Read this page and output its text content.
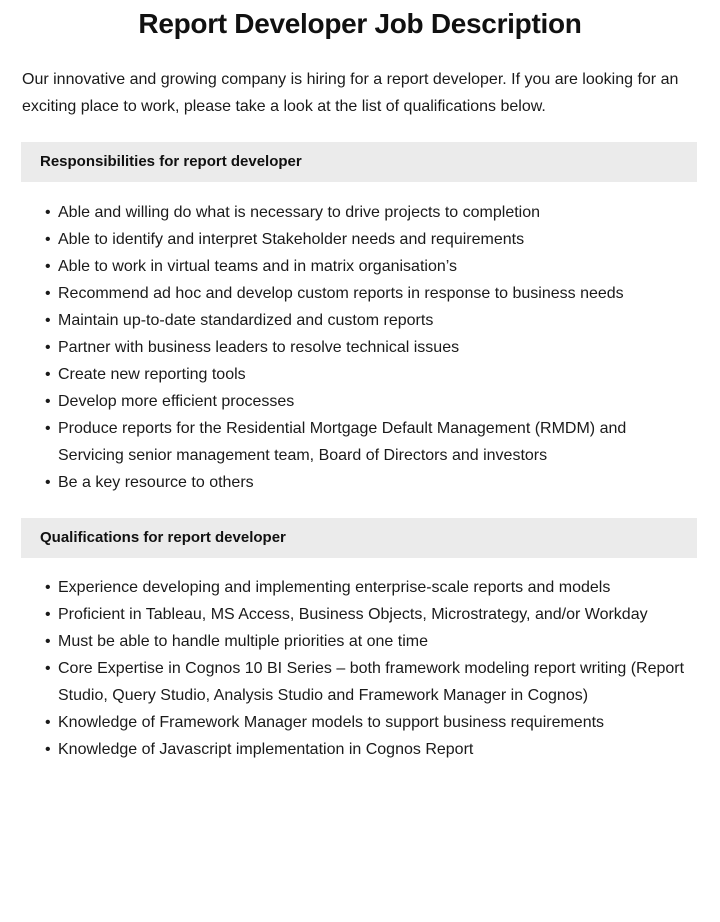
Report Developer Job Description

Our innovative and growing company is hiring for a report developer. If you are looking for an exciting place to work, please take a look at the list of qualifications below.

Responsibilities for report developer
• Able and willing do what is necessary to drive projects to completion
• Able to identify and interpret Stakeholder needs and requirements
• Able to work in virtual teams and in matrix organisation’s
• Recommend ad hoc and develop custom reports in response to business needs
• Maintain up-to-date standardized and custom reports
• Partner with business leaders to resolve technical issues
• Create new reporting tools
• Develop more efficient processes
• Produce reports for the Residential Mortgage Default Management (RMDM) and Servicing senior management team, Board of Directors and investors
• Be a key resource to others
Qualifications for report developer
• Experience developing and implementing enterprise-scale reports and models
• Proficient in Tableau, MS Access, Business Objects, Microstrategy, and/or Workday
• Must be able to handle multiple priorities at one time
• Core Expertise in Cognos 10 BI Series – both framework modeling report writing (Report Studio, Query Studio, Analysis Studio and Framework Manager in Cognos)
• Knowledge of Framework Manager models to support business requirements
• Knowledge of Javascript implementation in Cognos Report
